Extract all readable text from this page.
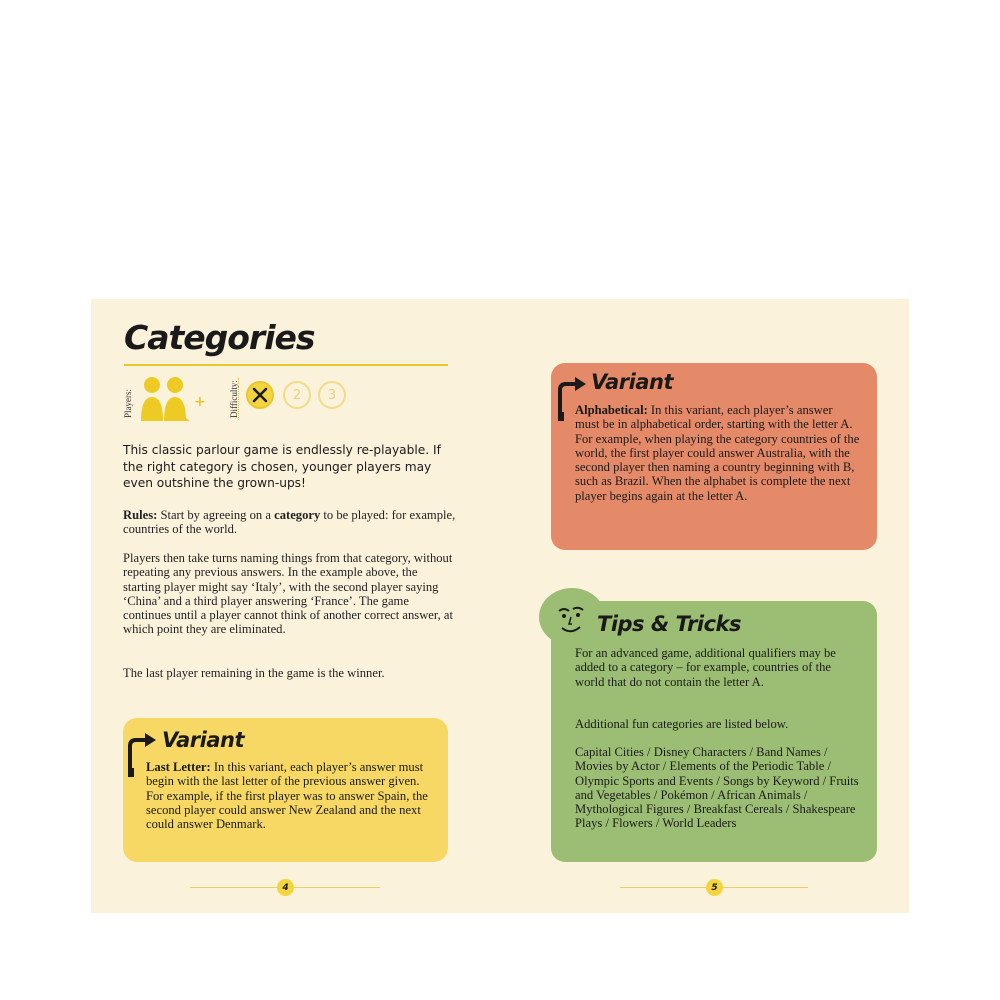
Categories
Players:	+	Difficulty:	2	3

This classic parlour game is endlessly re-playable. If the right category is chosen, younger players may even outshine the grown-ups!

Rules: Start by agreeing on a category to be played: for example, countries of the world.

Players then take turns naming things from that category, without repeating any previous answers. In the example above, the starting player might say ‘Italy’, with the second player saying ‘China’ and a third player answering ‘France’. The game continues until a player cannot think of another correct answer, at which point they are eliminated.

The last player remaining in the game is the winner.

Variant

Last Letter: In this variant, each player’s answer must begin with the last letter of the previous answer given. For example, if the first player was to answer Spain, the second player could answer New Zealand and the next could answer Denmark.

4
Variant

Alphabetical: In this variant, each player’s answer must be in alphabetical order, starting with the letter A. For example, when playing the category countries of the world, the first player could answer Australia, with the second player then naming a country beginning with B, such as Brazil. When the alphabet is complete the next player begins again at the letter A.

Tips & Tricks

For an advanced game, additional qualifiers may be added to a category – for example, countries of the world that do not contain the letter A.

Additional fun categories are listed below.

Capital Cities / Disney Characters / Band Names / Movies by Actor / Elements of the Periodic Table / Olympic Sports and Events / Songs by Keyword / Fruits and Vegetables / Pokémon / African Animals / Mythological Figures / Breakfast Cereals / Shakespeare Plays / Flowers / World Leaders

5
